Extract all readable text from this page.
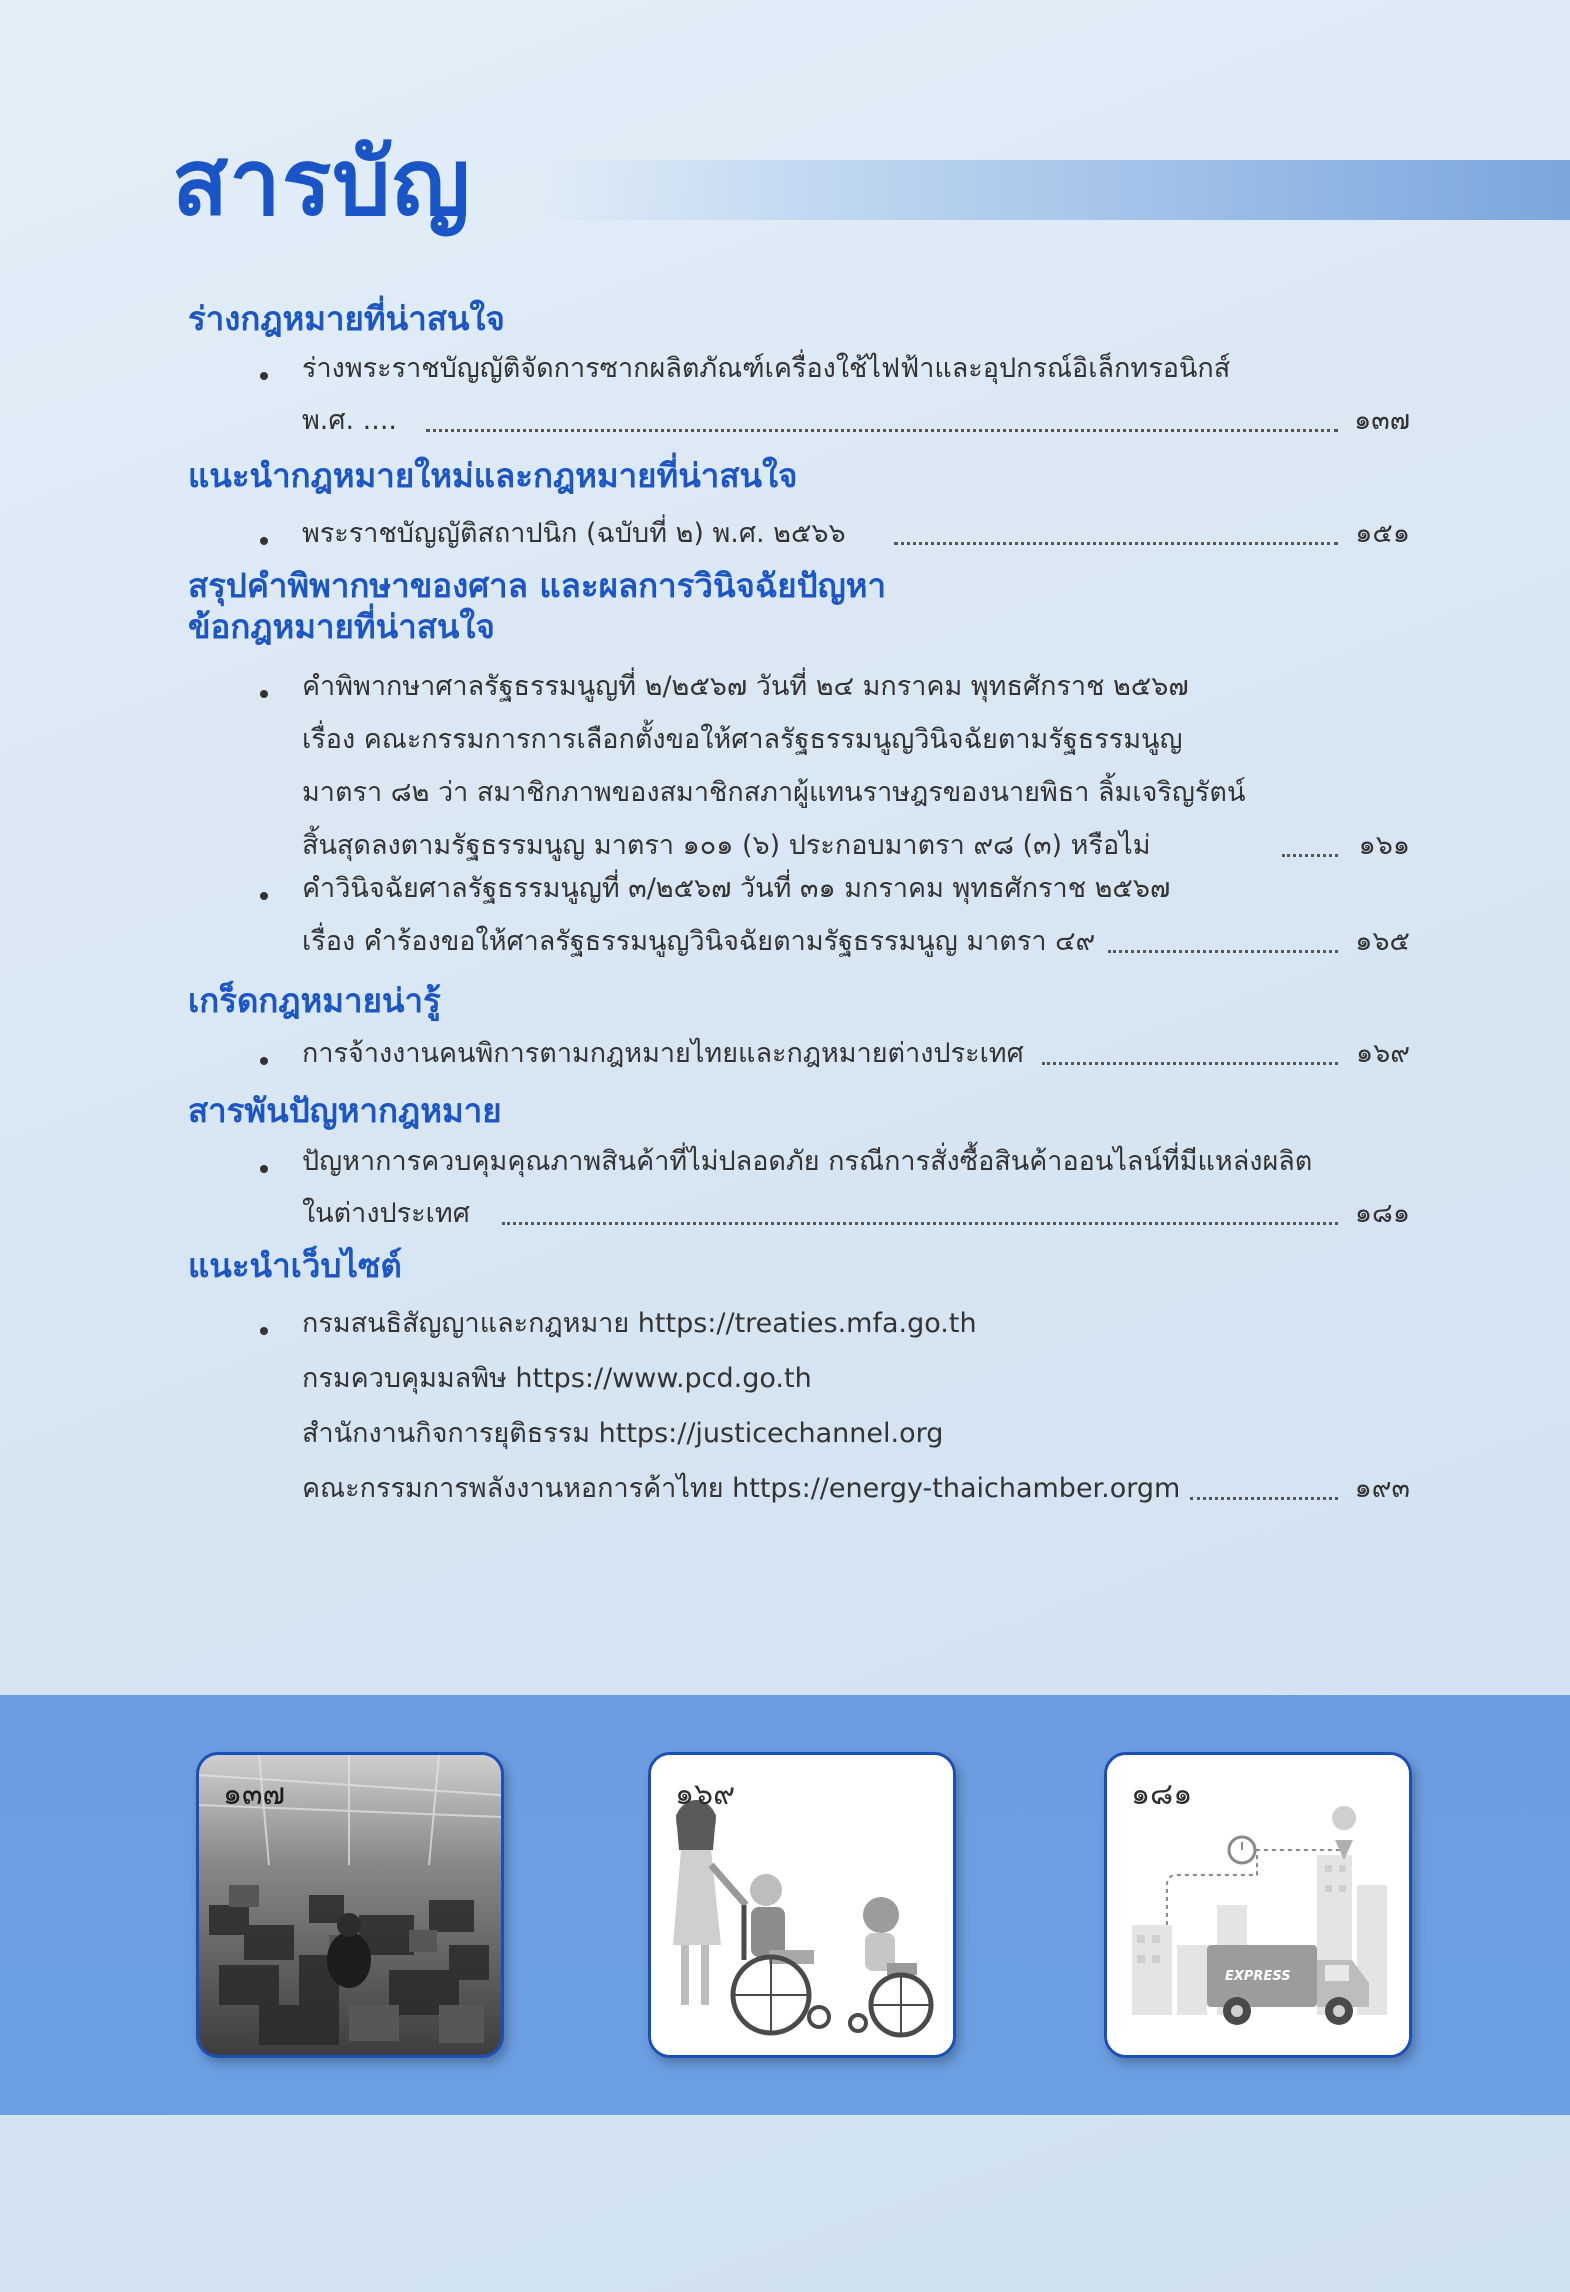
สารบัญ
ร่างกฎหมายที่น่าสนใจ
ร่างพระราชบัญญัติจัดการซากผลิตภัณฑ์เครื่องใช้ไฟฟ้าและอุปกรณ์อิเล็กทรอนิกส์
พ.ศ. ....	๑๓๗
แนะนำกฎหมายใหม่และกฎหมายที่น่าสนใจ
พระราชบัญญัติสถาปนิก (ฉบับที่ ๒) พ.ศ. ๒๕๖๖	๑๕๑
สรุปคำพิพากษาของศาล และผลการวินิจฉัยปัญหา
ข้อกฎหมายที่น่าสนใจ
คำพิพากษาศาลรัฐธรรมนูญที่ ๒/๒๕๖๗ วันที่ ๒๔ มกราคม พุทธศักราช ๒๕๖๗
เรื่อง คณะกรรมการการเลือกตั้งขอให้ศาลรัฐธรรมนูญวินิจฉัยตามรัฐธรรมนูญ
มาตรา ๘๒ ว่า สมาชิกภาพของสมาชิกสภาผู้แทนราษฎรของนายพิธา ลิ้มเจริญรัตน์
สิ้นสุดลงตามรัฐธรรมนูญ มาตรา ๑๐๑ (๖) ประกอบมาตรา ๙๘ (๓) หรือไม่	๑๖๑
คำวินิจฉัยศาลรัฐธรรมนูญที่ ๓/๒๕๖๗ วันที่ ๓๑ มกราคม พุทธศักราช ๒๕๖๗
เรื่อง คำร้องขอให้ศาลรัฐธรรมนูญวินิจฉัยตามรัฐธรรมนูญ มาตรา ๔๙	๑๖๕
เกร็ดกฎหมายน่ารู้
การจ้างงานคนพิการตามกฎหมายไทยและกฎหมายต่างประเทศ	๑๖๙
สารพันปัญหากฎหมาย
ปัญหาการควบคุมคุณภาพสินค้าที่ไม่ปลอดภัย กรณีการสั่งซื้อสินค้าออนไลน์ที่มีแหล่งผลิต
ในต่างประเทศ	๑๘๑
แนะนำเว็บไซต์
กรมสนธิสัญญาและกฎหมาย https://treaties.mfa.go.th
กรมควบคุมมลพิษ https://www.pcd.go.th
สำนักงานกิจการยุติธรรม https://justicechannel.org
คณะกรรมการพลังงานหอการค้าไทย https://energy-thaichamber.orgm	๑๙๓
๑๓๗	๑๖๙
EXPRESS
๑๘๑
